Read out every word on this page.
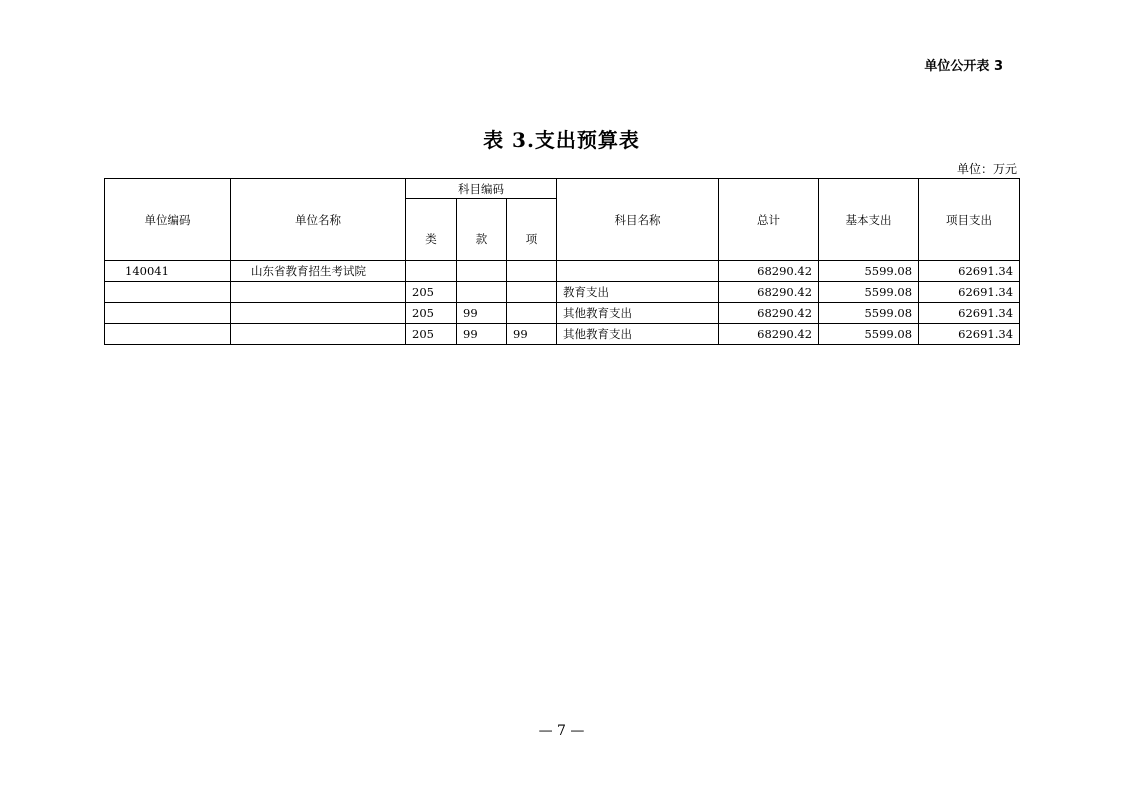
单位公开表 3
表 3.支出预算表
单位：万元
单位编码	单位名称	科目编码			科目名称	总计	基本支出	项目支出
		类	款	项				
140041	山东省教育招生考试院					68290.42	5599.08	62691.34
		205			教育支出	68290.42	5599.08	62691.34
		205	99		其他教育支出	68290.42	5599.08	62691.34
		205	99	99	其他教育支出	68290.42	5599.08	62691.34
— 7 —
